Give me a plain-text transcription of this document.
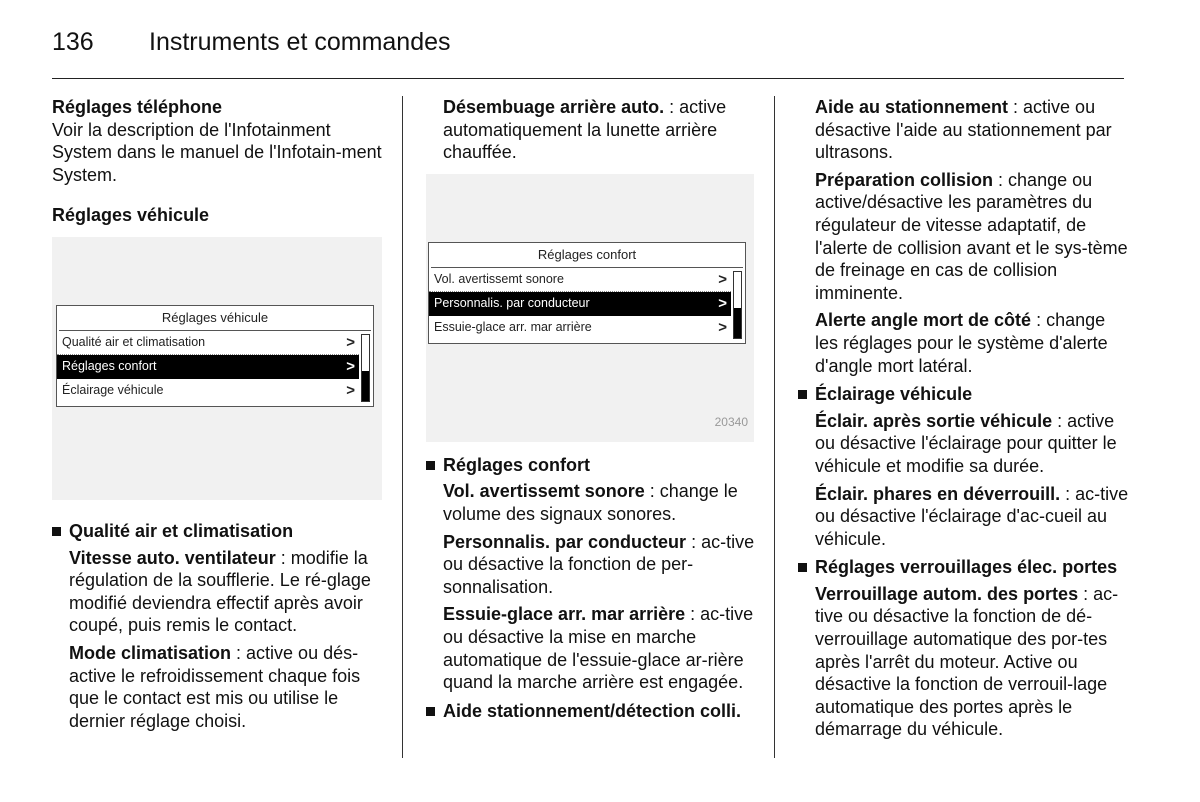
136 Instruments et commandes

Réglages téléphone

Voir la description de l'Infotainment System dans le manuel de l'Infotain-ment System.

Réglages véhicule

Réglages véhicule
Qualité air et climatisation	>
Réglages confort	>
Éclairage véhicule	>
Qualité air et climatisation

Vitesse auto. ventilateur : modifie la régulation de la soufflerie. Le ré-glage modifié deviendra effectif après avoir coupé, puis remis le contact.

Mode climatisation : active ou dés-active le refroidissement chaque fois que le contact est mis ou utilise le dernier réglage choisi.

Désembuage arrière auto. : active automatiquement la lunette arrière chauffée.

Réglages confort
Vol. avertissemt sonore	>
Personnalis. par conducteur	>
Essuie-glace arr. mar arrière	>
20340
Réglages confort

Vol. avertissemt sonore : change le volume des signaux sonores.

Personnalis. par conducteur : ac-tive ou désactive la fonction de per-sonnalisation.

Essuie-glace arr. mar arrière : ac-tive ou désactive la mise en marche automatique de l'essuie-glace ar-rière quand la marche arrière est engagée.

Aide stationnement/détection colli.

Aide au stationnement : active ou désactive l'aide au stationnement par ultrasons.

Préparation collision : change ou active/désactive les paramètres du régulateur de vitesse adaptatif, de l'alerte de collision avant et le sys-tème de freinage en cas de collision imminente.

Alerte angle mort de côté : change les réglages pour le système d'alerte d'angle mort latéral.

Éclairage véhicule

Éclair. après sortie véhicule : active ou désactive l'éclairage pour quitter le véhicule et modifie sa durée.

Éclair. phares en déverrouill. : ac-tive ou désactive l'éclairage d'ac-cueil au véhicule.

Réglages verrouillages élec. portes

Verrouillage autom. des portes : ac-tive ou désactive la fonction de dé-verrouillage automatique des por-tes après l'arrêt du moteur. Active ou désactive la fonction de verrouil-lage automatique des portes après le démarrage du véhicule.
